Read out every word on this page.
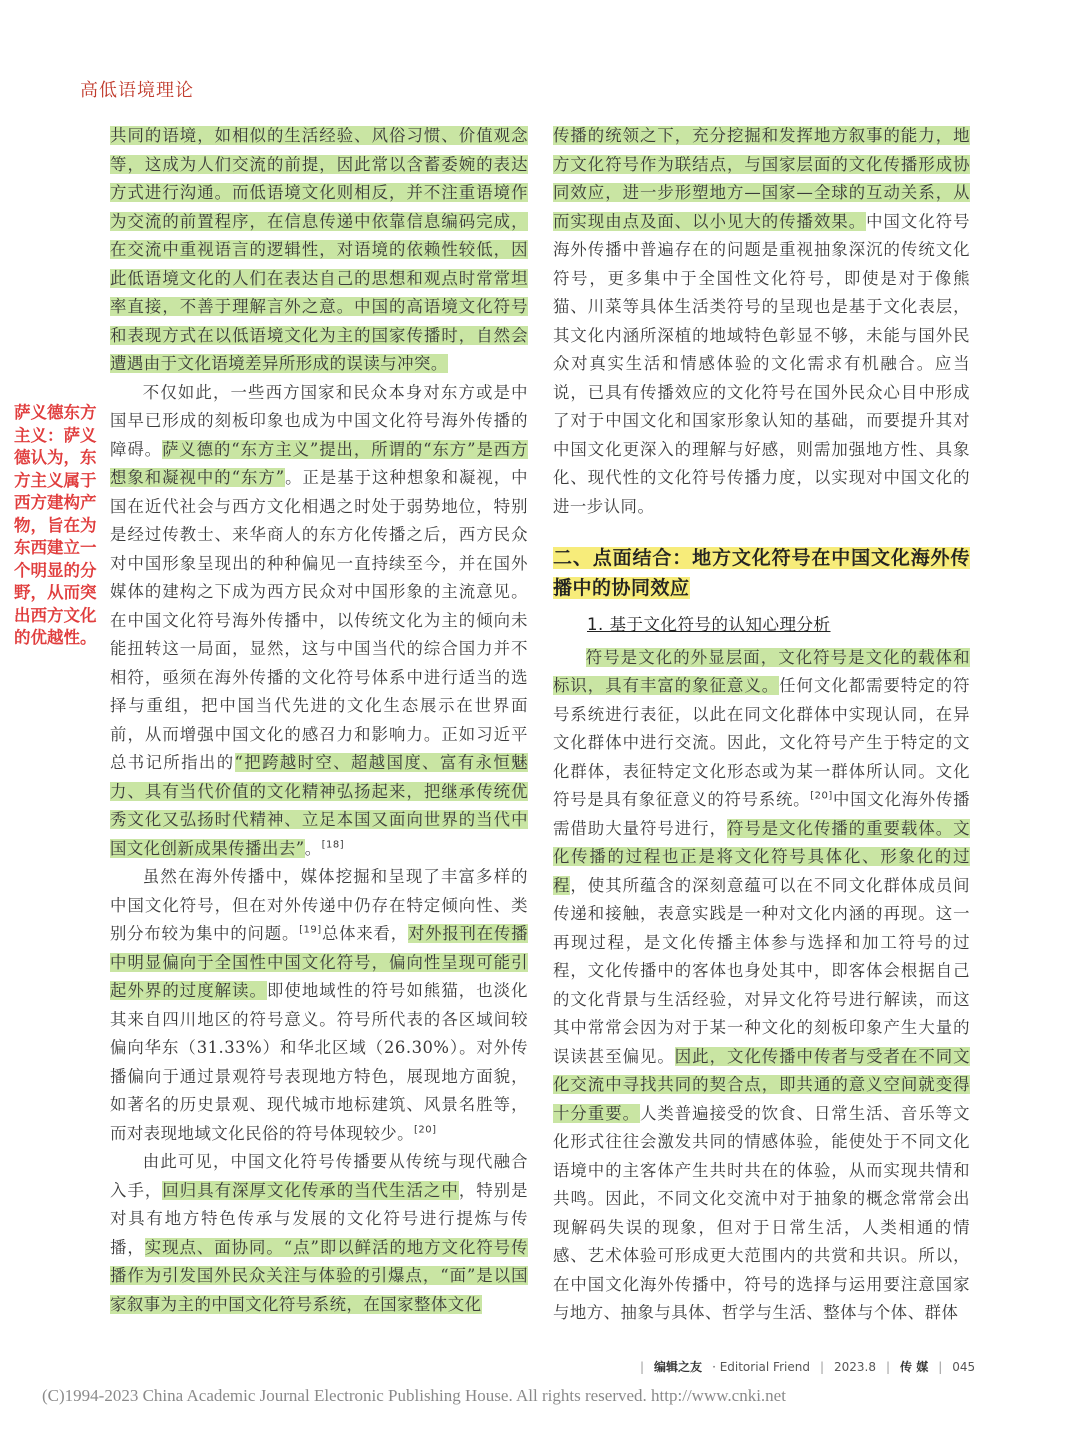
高低语境理论
萨义德东方主义：萨义德认为，东方主义属于西方建构产物，旨在为东西建立一个明显的分野，从而突出西方文化的优越性。

共同的语境，如相似的生活经验、风俗习惯、价值观念等，这成为人们交流的前提，因此常以含蓄委婉的表达方式进行沟通。而低语境文化则相反，并不注重语境作为交流的前置程序，在信息传递中依靠信息编码完成，在交流中重视语言的逻辑性，对语境的依赖性较低，因此低语境文化的人们在表达自己的思想和观点时常常坦率直接，不善于理解言外之意。中国的高语境文化符号和表现方式在以低语境文化为主的国家传播时，自然会遭遇由于文化语境差异所形成的误读与冲突。

不仅如此，一些西方国家和民众本身对东方或是中国早已形成的刻板印象也成为中国文化符号海外传播的障碍。萨义德的“东方主义”提出，所谓的“东方”是西方想象和凝视中的“东方”。正是基于这种想象和凝视，中国在近代社会与西方文化相遇之时处于弱势地位，特别是经过传教士、来华商人的东方化传播之后，西方民众对中国形象呈现出的种种偏见一直持续至今，并在国外媒体的建构之下成为西方民众对中国形象的主流意见。在中国文化符号海外传播中，以传统文化为主的倾向未能扭转这一局面，显然，这与中国当代的综合国力并不相符，亟须在海外传播的文化符号体系中进行适当的选择与重组，把中国当代先进的文化生态展示在世界面前，从而增强中国文化的感召力和影响力。正如习近平总书记所指出的“把跨越时空、超越国度、富有永恒魅力、具有当代价值的文化精神弘扬起来，把继承传统优秀文化又弘扬时代精神、立足本国又面向世界的当代中国文化创新成果传播出去”。[18]

虽然在海外传播中，媒体挖掘和呈现了丰富多样的中国文化符号，但在对外传递中仍存在特定倾向性、类别分布较为集中的问题。[19]总体来看，对外报刊在传播中明显偏向于全国性中国文化符号，偏向性呈现可能引起外界的过度解读。即使地域性的符号如熊猫，也淡化其来自四川地区的符号意义。符号所代表的各区域间较偏向华东（31.33%）和华北区域（26.30%）。对外传播偏向于通过景观符号表现地方特色，展现地方面貌，如著名的历史景观、现代城市地标建筑、风景名胜等，而对表现地域文化民俗的符号体现较少。[20]

由此可见，中国文化符号传播要从传统与现代融合入手，回归具有深厚文化传承的当代生活之中，特别是对具有地方特色传承与发展的文化符号进行提炼与传播，实现点、面协同。“点”即以鲜活的地方文化符号传播作为引发国外民众关注与体验的引爆点，“面”是以国家叙事为主的中国文化符号系统，在国家整体文化

传播的统领之下，充分挖掘和发挥地方叙事的能力，地方文化符号作为联结点，与国家层面的文化传播形成协同效应，进一步形塑地方—国家—全球的互动关系，从而实现由点及面、以小见大的传播效果。中国文化符号海外传播中普遍存在的问题是重视抽象深沉的传统文化符号，更多集中于全国性文化符号，即使是对于像熊猫、川菜等具体生活类符号的呈现也是基于文化表层，其文化内涵所深植的地域特色彰显不够，未能与国外民众对真实生活和情感体验的文化需求有机融合。应当说，已具有传播效应的文化符号在国外民众心目中形成了对于中国文化和国家形象认知的基础，而要提升其对中国文化更深入的理解与好感，则需加强地方性、具象化、现代性的文化符号传播力度，以实现对中国文化的进一步认同。

二、点面结合：地方文化符号在中国文化海外传播中的协同效应
1. 基于文化符号的认知心理分析

符号是文化的外显层面，文化符号是文化的载体和标识，具有丰富的象征意义。任何文化都需要特定的符号系统进行表征，以此在同文化群体中实现认同，在异文化群体中进行交流。因此，文化符号产生于特定的文化群体，表征特定文化形态或为某一群体所认同。文化符号是具有象征意义的符号系统。[20]中国文化海外传播需借助大量符号进行，符号是文化传播的重要载体。文化传播的过程也正是将文化符号具体化、形象化的过程，使其所蕴含的深刻意蕴可以在不同文化群体成员间传递和接触，表意实践是一种对文化内涵的再现。这一再现过程，是文化传播主体参与选择和加工符号的过程，文化传播中的客体也身处其中，即客体会根据自己的文化背景与生活经验，对异文化符号进行解读，而这其中常常会因为对于某一种文化的刻板印象产生大量的误读甚至偏见。因此，文化传播中传者与受者在不同文化交流中寻找共同的契合点，即共通的意义空间就变得十分重要。人类普遍接受的饮食、日常生活、音乐等文化形式往往会激发共同的情感体验，能使处于不同文化语境中的主客体产生共时共在的体验，从而实现共情和共鸣。因此，不同文化交流中对于抽象的概念常常会出现解码失误的现象，但对于日常生活，人类相通的情感、艺术体验可形成更大范围内的共赏和共识。所以，在中国文化海外传播中，符号的选择与运用要注意国家与地方、抽象与具体、哲学与生活、整体与个体、群体

| 编辑之友 · Editorial Friend | 2023.8 | 传 媒 | 045
(C)1994-2023 China Academic Journal Electronic Publishing House. All rights reserved. http://www.cnki.net
